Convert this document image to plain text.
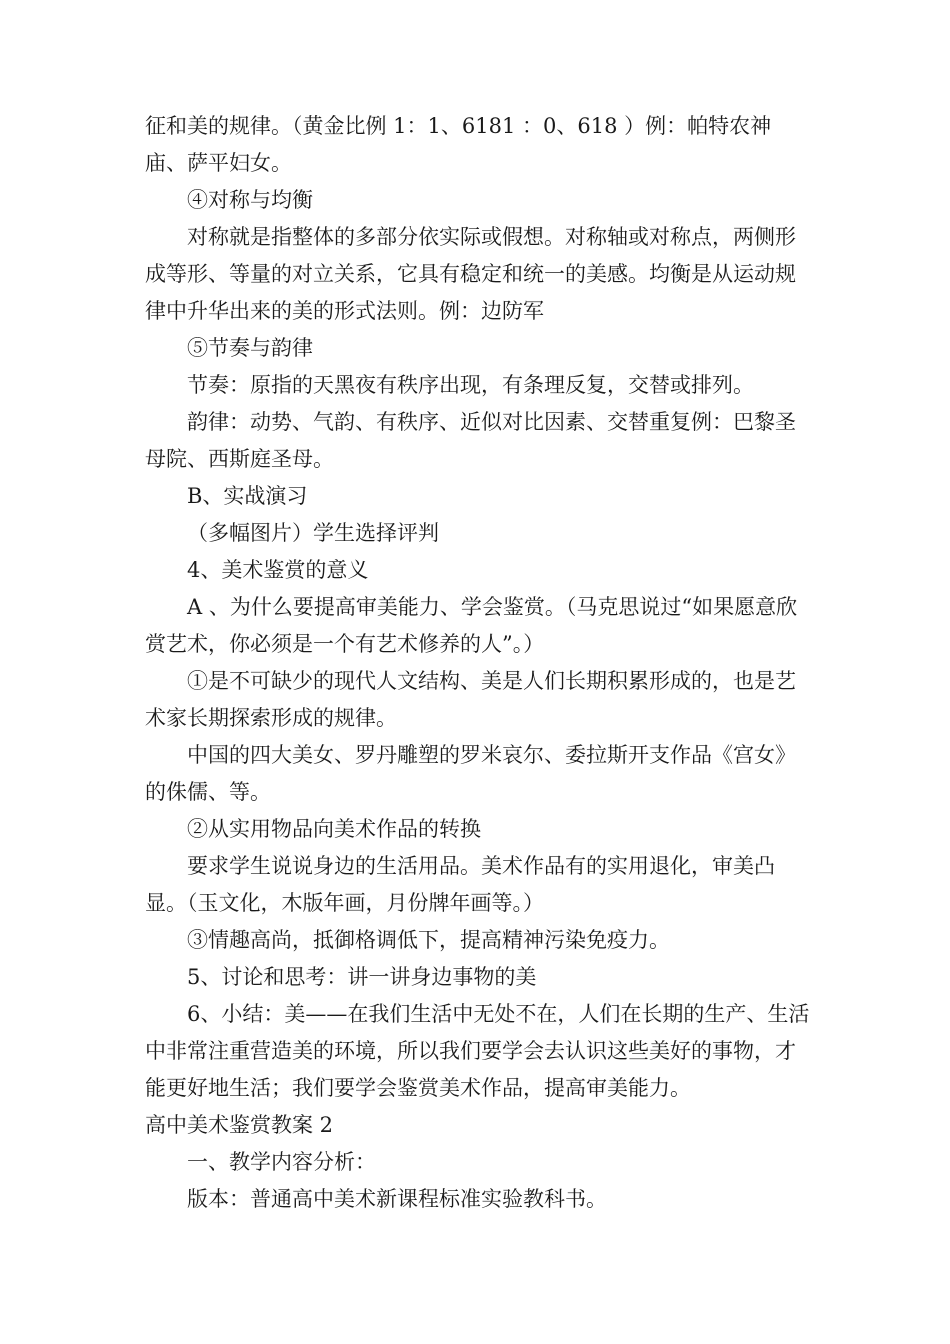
征和美的规律。（黄金比例 1：1、6181 ：0、618 ）例：帕特农神庙、萨平妇女。

④对称与均衡

对称就是指整体的多部分依实际或假想。对称轴或对称点，两侧形成等形、等量的对立关系，它具有稳定和统一的美感。均衡是从运动规律中升华出来的美的形式法则。例：边防军

⑤节奏与韵律

节奏：原指的天黑夜有秩序出现，有条理反复，交替或排列。

韵律：动势、气韵、有秩序、近似对比因素、交替重复例：巴黎圣母院、西斯庭圣母。

B、实战演习

（多幅图片）学生选择评判

4、美术鉴赏的意义

A 、为什么要提高审美能力、学会鉴赏。（马克思说过“如果愿意欣赏艺术，你必须是一个有艺术修养的人”。）

①是不可缺少的现代人文结构、美是人们长期积累形成的，也是艺术家长期探索形成的规律。

中国的四大美女、罗丹雕塑的罗米哀尔、委拉斯开支作品《宫女》的侏儒、等。

②从实用物品向美术作品的转换

要求学生说说身边的生活用品。美术作品有的实用退化，审美凸显。（玉文化，木版年画，月份牌年画等。）

③情趣高尚，抵御格调低下，提高精神污染免疫力。

5、讨论和思考：讲一讲身边事物的美

6、小结：美——在我们生活中无处不在，人们在长期的生产、生活中非常注重营造美的环境，所以我们要学会去认识这些美好的事物，才能更好地生活；我们要学会鉴赏美术作品，提高审美能力。

高中美术鉴赏教案 2

一、教学内容分析：

版本：普通高中美术新课程标准实验教科书。
